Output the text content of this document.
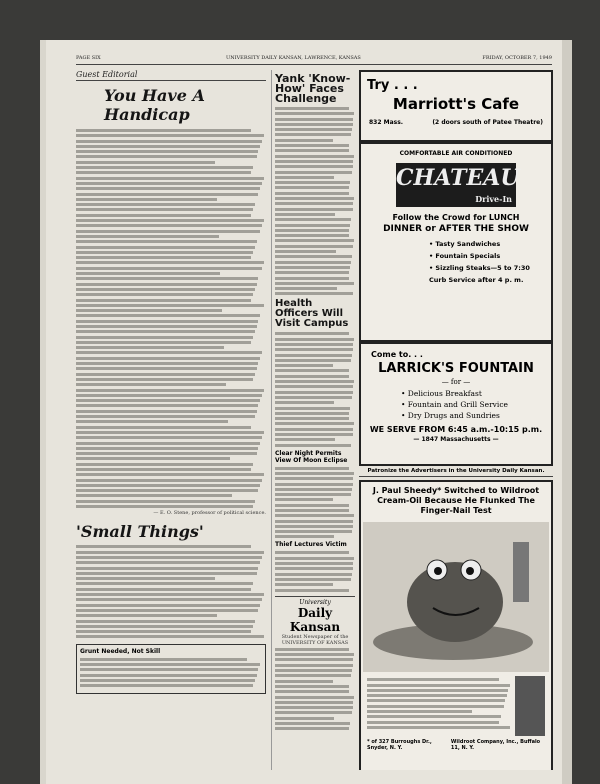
PAGE SIX	UNIVERSITY DAILY KANSAN, LAWRENCE, KANSAS	FRIDAY, OCTOBER 7, 1949
Guest Editorial
You Have A Handicap
— E. O. Stene, professor of political science.
'Small Things'
Grunt Needed, Not Skill
Yank 'Know-How' Faces Challenge
Health Officers Will Visit Campus
Clear Night Permits View Of Moon Eclipse
Thief Lectures Victim
University
Daily Kansan
Student Newspaper of the UNIVERSITY OF KANSAS
Try . . .
Marriott's Cafe
832 Mass.	(2 doors south of Patee Theatre)
COMFORTABLE AIR CONDITIONED
CHATEAU
Drive-In
Follow the Crowd for LUNCH
DINNER or AFTER THE SHOW
• Tasty Sandwiches
• Fountain Specials
• Sizzling Steaks—5 to 7:30
Curb Service after 4 p. m.
Come to. . .
LARRICK'S FOUNTAIN
— for —
• Delicious Breakfast
• Fountain and Grill Service
• Dry Drugs and Sundries
WE SERVE FROM 6:45 a.m.-10:15 p.m.
— 1847 Massachusetts —
Patronize the Advertisers in the University Daily Kansan.
J. Paul Sheedy* Switched to Wildroot Cream-Oil Because He Flunked The Finger-Nail Test
* of 327 Burroughs Dr., Snyder, N. Y.
Wildroot Company, Inc., Buffalo 11, N. Y.
